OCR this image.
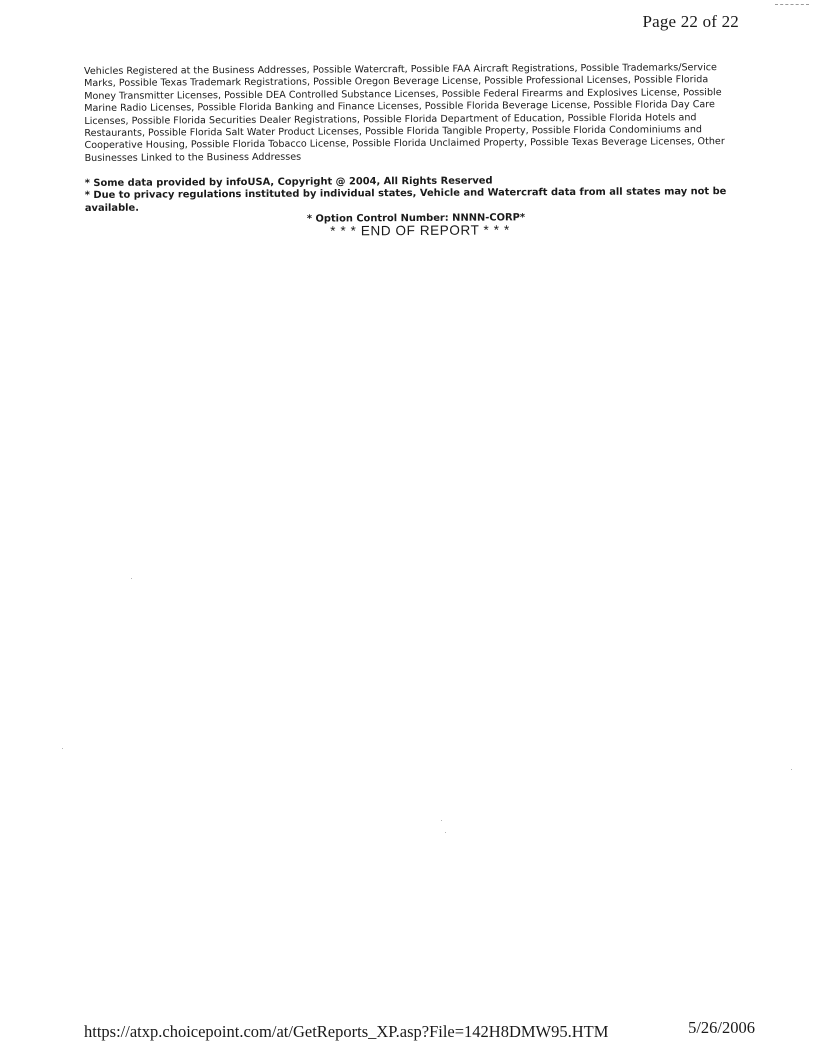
Page 22 of 22

Vehicles Registered at the Business Addresses, Possible Watercraft, Possible FAA Aircraft Registrations, Possible Trademarks/Service Marks, Possible Texas Trademark Registrations, Possible Oregon Beverage License, Possible Professional Licenses, Possible Florida Money Transmitter Licenses, Possible DEA Controlled Substance Licenses, Possible Federal Firearms and Explosives License, Possible Marine Radio Licenses, Possible Florida Banking and Finance Licenses, Possible Florida Beverage License, Possible Florida Day Care Licenses, Possible Florida Securities Dealer Registrations, Possible Florida Department of Education, Possible Florida Hotels and Restaurants, Possible Florida Salt Water Product Licenses, Possible Florida Tangible Property, Possible Florida Condominiums and Cooperative Housing, Possible Florida Tobacco License, Possible Florida Unclaimed Property, Possible Texas Beverage Licenses, Other Businesses Linked to the Business Addresses

* Some data provided by infoUSA, Copyright @ 2004, All Rights Reserved

* Due to privacy regulations instituted by individual states, Vehicle and Watercraft data from all states may not be available.

* Option Control Number: NNNN-CORP*

* * * END OF REPORT * * *

https://atxp.choicepoint.com/at/GetReports_XP.asp?File=142H8DMW95.HTM	5/26/2006
